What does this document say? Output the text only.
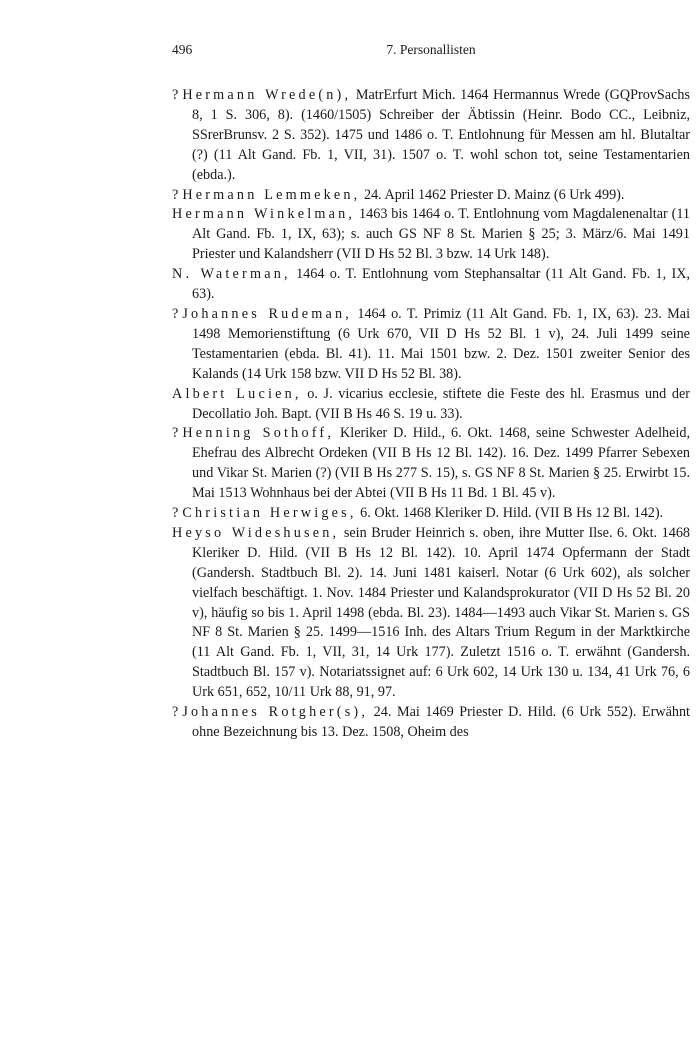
496	7. Personallisten

? Hermann Wrede(n), MatrErfurt Mich. 1464 Hermannus Wrede (GQProvSachs 8, 1 S. 306, 8). (1460/1505) Schreiber der Äbtissin (Heinr. Bodo CC., Leibniz, SSrerBrunsv. 2 S. 352). 1475 und 1486 o. T. Entlohnung für Messen am hl. Blutaltar (?) (11 Alt Gand. Fb. 1, VII, 31). 1507 o. T. wohl schon tot, seine Testamentarien (ebda.).

? Hermann Lemmeken, 24. April 1462 Priester D. Mainz (6 Urk 499).

Hermann Winkelman, 1463 bis 1464 o. T. Entlohnung vom Magdalenenaltar (11 Alt Gand. Fb. 1, IX, 63); s. auch GS NF 8 St. Marien § 25; 3. März/6. Mai 1491 Priester und Kalandsherr (VII D Hs 52 Bl. 3 bzw. 14 Urk 148).

N. Waterman, 1464 o. T. Entlohnung vom Stephansaltar (11 Alt Gand. Fb. 1, IX, 63).

? Johannes Rudeman, 1464 o. T. Primiz (11 Alt Gand. Fb. 1, IX, 63). 23. Mai 1498 Memorienstiftung (6 Urk 670, VII D Hs 52 Bl. 1 v), 24. Juli 1499 seine Testamentarien (ebda. Bl. 41). 11. Mai 1501 bzw. 2. Dez. 1501 zweiter Senior des Kalands (14 Urk 158 bzw. VII D Hs 52 Bl. 38).

Albert Lucien, o. J. vicarius ecclesie, stiftete die Feste des hl. Erasmus und der Decollatio Joh. Bapt. (VII B Hs 46 S. 19 u. 33).

? Henning Sothoff, Kleriker D. Hild., 6. Okt. 1468, seine Schwester Adelheid, Ehefrau des Albrecht Ordeken (VII B Hs 12 Bl. 142). 16. Dez. 1499 Pfarrer Sebexen und Vikar St. Marien (?) (VII B Hs 277 S. 15), s. GS NF 8 St. Marien § 25. Erwirbt 15. Mai 1513 Wohnhaus bei der Abtei (VII B Hs 11 Bd. 1 Bl. 45 v).

? Christian Herwiges, 6. Okt. 1468 Kleriker D. Hild. (VII B Hs 12 Bl. 142).

Heyso Wideshusen, sein Bruder Heinrich s. oben, ihre Mutter Ilse. 6. Okt. 1468 Kleriker D. Hild. (VII B Hs 12 Bl. 142). 10. April 1474 Opfermann der Stadt (Gandersh. Stadtbuch Bl. 2). 14. Juni 1481 kaiserl. Notar (6 Urk 602), als solcher vielfach beschäftigt. 1. Nov. 1484 Priester und Kalandsprokurator (VII D Hs 52 Bl. 20 v), häufig so bis 1. April 1498 (ebda. Bl. 23). 1484—1493 auch Vikar St. Marien s. GS NF 8 St. Marien § 25. 1499—1516 Inh. des Altars Trium Regum in der Marktkirche (11 Alt Gand. Fb. 1, VII, 31, 14 Urk 177). Zuletzt 1516 o. T. erwähnt (Gandersh. Stadtbuch Bl. 157 v). Notariatssignet auf: 6 Urk 602, 14 Urk 130 u. 134, 41 Urk 76, 6 Urk 651, 652, 10/11 Urk 88, 91, 97.

? Johannes Rotgher(s), 24. Mai 1469 Priester D. Hild. (6 Urk 552). Erwähnt ohne Bezeichnung bis 13. Dez. 1508, Oheim des
